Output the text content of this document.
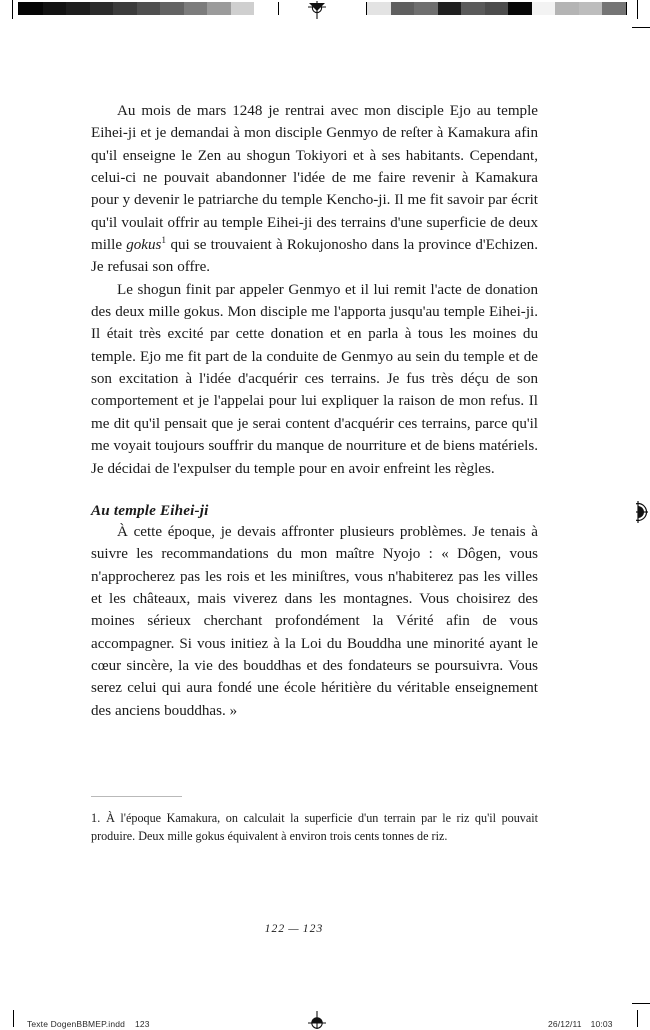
Au mois de mars 1248 je rentrai avec mon disciple Ejo au temple Eihei-ji et je demandai à mon disciple Genmyo de reſter à Kamakura afin qu'il enseigne le Zen au shogun Tokiyori et à ses habitants. Cependant, celui-ci ne pouvait abandonner l'idée de me faire revenir à Kamakura pour y devenir le patriarche du temple Kencho-ji. Il me fit savoir par écrit qu'il voulait offrir au temple Eihei-ji des terrains d'une superficie de deux mille gokus$^1$ qui se trouvaient à Rokujonosho dans la province d'Echizen. Je refusai son offre.

Le shogun finit par appeler Genmyo et il lui remit l'acte de donation des deux mille gokus. Mon disciple me l'apporta jusqu'au temple Eihei-ji. Il était très excité par cette donation et en parla à tous les moines du temple. Ejo me fit part de la conduite de Genmyo au sein du temple et de son excitation à l'idée d'acquérir ces terrains. Je fus très déçu de son comportement et je l'appelai pour lui expliquer la raison de mon refus. Il me dit qu'il pensait que je serai content d'acquérir ces terrains, parce qu'il me voyait toujours souffrir du manque de nourriture et de biens matériels. Je décidai de l'expulser du temple pour en avoir enfreint les règles.

Au temple Eihei-ji

À cette époque, je devais affronter plusieurs problèmes. Je tenais à suivre les recommandations du mon maître Nyojo : « Dôgen, vous n'approcherez pas les rois et les miniſtres, vous n'habiterez pas les villes et les châteaux, mais viverez dans les montagnes. Vous choisirez des moines sérieux cherchant profondément la Vérité afin de vous accompagner. Si vous initiez à la Loi du Bouddha une minorité ayant le cœur sincère, la vie des bouddhas et des fondateurs se poursuivra. Vous serez celui qui aura fondé une école héritière du véritable enseignement des anciens bouddhas. »

1. À l'époque Kamakura, on calculait la superficie d'un terrain par le riz qu'il pouvait produire. Deux mille gokus équivalent à environ trois cents tonnes de riz.

122 — 123
Texte DogenBBMEP.indd 123	26/12/11 10:03
